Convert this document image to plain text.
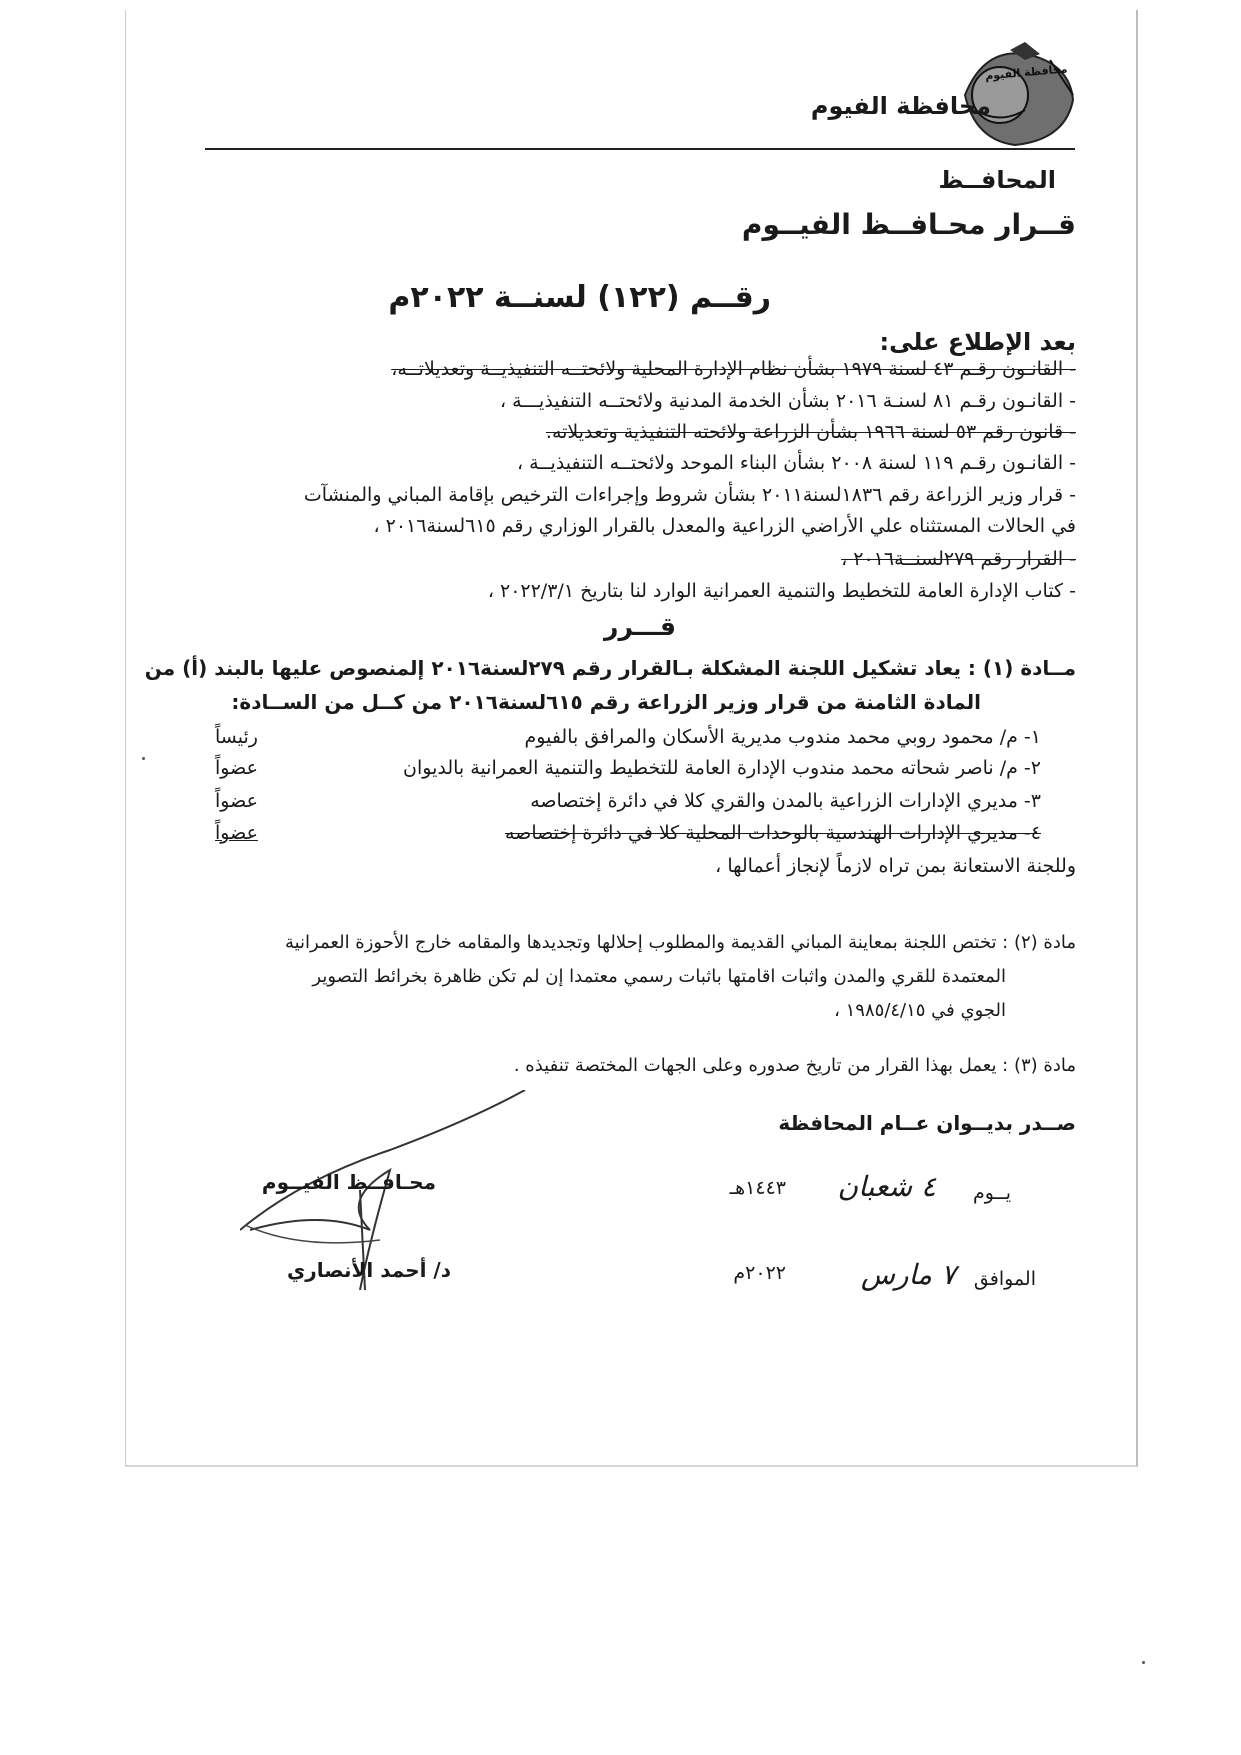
محافظة الفيوم
محافظة الفيوم
المحافــظ
قــرار محـافــظ الفيــوم
رقــم (١٢٢) لسنــة ٢٠٢٢م
بعد الإطلاع على:
- القانـون رقـم ٤٣ لسنة ١٩٧٩ بشأن نظام الإدارة المحلية ولائحتــه التنفيذيــة وتعديلاتــه،
- القانـون رقـم ٨١ لسنـة ٢٠١٦ بشأن الخدمة المدنية ولائحتــه التنفيذيـــة ،
- قانون رقم ٥٣ لسنة ١٩٦٦ بشأن الزراعة ولائحته التنفيذية وتعديلاته.
- القانـون رقـم ١١٩ لسنة ٢٠٠٨ بشأن البناء الموحد ولائحتــه التنفيذيــة ،
- قرار وزير الزراعة رقم ١٨٣٦لسنة٢٠١١ بشأن شروط وإجراءات الترخيص بإقامة المباني والمنشآت
في الحالات المستثناه علي الأراضي الزراعية والمعدل بالقرار الوزاري رقم ٦١٥لسنة٢٠١٦ ،
- القرار رقم ٢٧٩لسنــة٢٠١٦ ،
- كتاب الإدارة العامة للتخطيط والتنمية العمرانية الوارد لنا بتاريخ ٢٠٢٢/٣/١ ،
قـــرر
مــادة (١) : يعاد تشكيل اللجنة المشكلة بـالقرار رقم ٢٧٩لسنة٢٠١٦ إلمنصوص عليها بالبند (أ) من
المادة الثامنة من قرار وزير الزراعة رقم ٦١٥لسنة٢٠١٦ من كــل من الســادة:
١- م/ محمود روبي محمد مندوب مديرية الأسكان والمرافق بالفيوم
رئيساً
٢- م/ ناصر شحاته محمد مندوب الإدارة العامة للتخطيط والتنمية العمرانية بالديوان
عضواً
٣- مديري الإدارات الزراعية بالمدن والقري كلا في دائرة إختصاصه
عضواً
٤- مديري الإدارات الهندسية بالوحدات المحلية كلا في دائرة إختصاصه
عضواً
وللجنة الاستعانة بمن تراه لازماً لإنجاز أعمالها ،
مادة (٢) : تختص اللجنة بمعاينة المباني القديمة والمطلوب إحلالها وتجديدها والمقامه خارج الأحوزة العمرانية
المعتمدة للقري والمدن واثبات اقامتها باثبات رسمي معتمدا إن لم تكن ظاهرة بخرائط التصوير
الجوي في ١٩٨٥/٤/١٥ ،
مادة (٣) : يعمل بهذا القرار من تاريخ صدوره وعلى الجهات المختصة تنفيذه .
صــدر بديــوان عــام المحافظة
محـافــظ الفيــوم
د/ أحمد الأنصاري
يــوم
٤ شعبان
١٤٤٣هـ
الموافق
٧ مارس
٢٠٢٢م
